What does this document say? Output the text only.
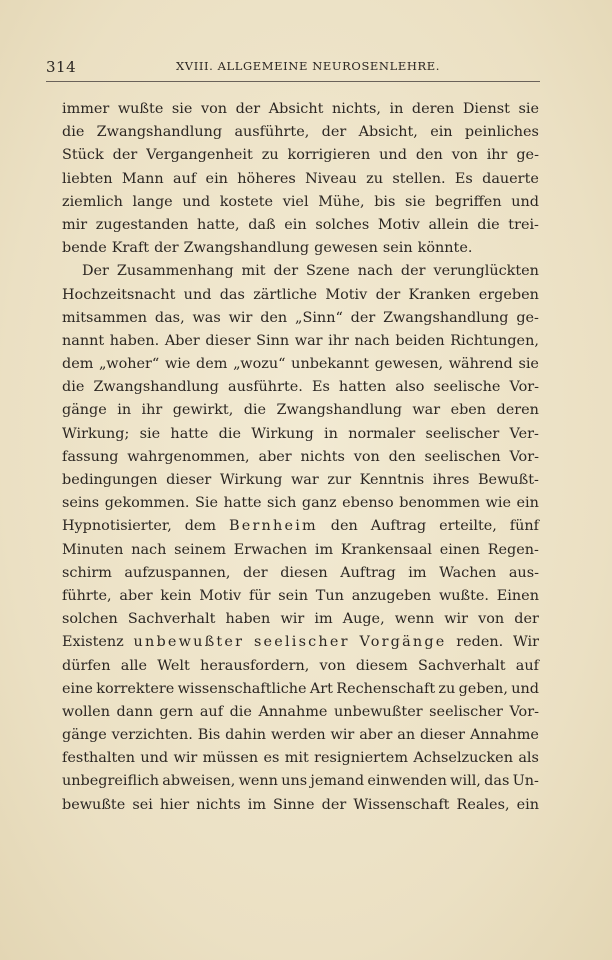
314	XVIII. ALLGEMEINE NEUROSENLEHRE.
immer wußte sie von der Absicht nichts, in deren Dienst sie
die Zwangshandlung ausführte, der Absicht, ein peinliches
Stück der Vergangenheit zu korrigieren und den von ihr ge-
liebten Mann auf ein höheres Niveau zu stellen. Es dauerte
ziemlich lange und kostete viel Mühe, bis sie begriffen und
mir zugestanden hatte, daß ein solches Motiv allein die trei-
bende Kraft der Zwangshandlung gewesen sein könnte.
Der Zusammenhang mit der Szene nach der verunglückten
Hochzeitsnacht und das zärtliche Motiv der Kranken ergeben
mitsammen das, was wir den „Sinn“ der Zwangshandlung ge-
nannt haben. Aber dieser Sinn war ihr nach beiden Richtungen,
dem „woher“ wie dem „wozu“ unbekannt gewesen, während sie
die Zwangshandlung ausführte. Es hatten also seelische Vor-
gänge in ihr gewirkt, die Zwangshandlung war eben deren
Wirkung; sie hatte die Wirkung in normaler seelischer Ver-
fassung wahrgenommen, aber nichts von den seelischen Vor-
bedingungen dieser Wirkung war zur Kenntnis ihres Bewußt-
seins gekommen. Sie hatte sich ganz ebenso benommen wie ein
Hypnotisierter, dem Bernheim den Auftrag erteilte, fünf
Minuten nach seinem Erwachen im Krankensaal einen Regen-
schirm aufzuspannen, der diesen Auftrag im Wachen aus-
führte, aber kein Motiv für sein Tun anzugeben wußte. Einen
solchen Sachverhalt haben wir im Auge, wenn wir von der
Existenz unbewußter seelischer Vorgänge reden. Wir
dürfen alle Welt herausfordern, von diesem Sachverhalt auf
eine korrektere wissenschaftliche Art Rechenschaft zu geben, und
wollen dann gern auf die Annahme unbewußter seelischer Vor-
gänge verzichten. Bis dahin werden wir aber an dieser Annahme
festhalten und wir müssen es mit resigniertem Achselzucken als
unbegreiflich abweisen, wenn uns jemand einwenden will, das Un-
bewußte sei hier nichts im Sinne der Wissenschaft Reales, ein
